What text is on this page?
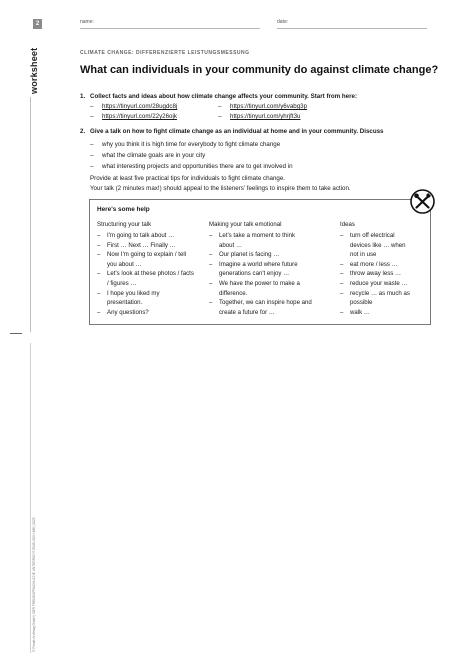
2
worksheet
© Friedrich Verlag GmbH | DER FREMDSPRACHLICHE UNTERRICHT ENGLISCH 186 | 2023
name:	date:
CLIMATE CHANGE: DIFFERENZIERTE LEISTUNGSMESSUNG
What can individuals in your community do against climate change?
1. Collect facts and ideas about how climate change affects your community. Start from here:
– https://tinyurl.com/28ugdc8j	– https://tinyurl.com/y6vabg3p
– https://tinyurl.com/22y26ojk	– https://tinyurl.com/yhrjft3u
2. Give a talk on how to fight climate change as an individual at home and in your community. Discuss
– why you think it is high time for everybody to fight climate change
– what the climate goals are in your city
– what interesting projects and opportunities there are to get involved in
Provide at least five practical tips for individuals to fight climate change.
Your talk (2 minutes max!) should appeal to the listeners' feelings to inspire them to take action.
Here's some help
Structuring your talk
– I'm going to talk about …
– First … Next … Finally …
– Now I'm going to explain / tell you about …
– Let's look at these photos / facts / figures …
– I hope you liked my presentation.
– Any questions?
Making your talk emotional
– Let's take a moment to think about …
– Our planet is facing …
– Imagine a world where future generations can't enjoy …
– We have the power to make a difference.
– Together, we can inspire hope and create a future for …
Ideas
– turn off electrical devices like … when not in use
– eat more / less …
– throw away less …
– reduce your waste …
– recycle … as much as possible
– walk …
